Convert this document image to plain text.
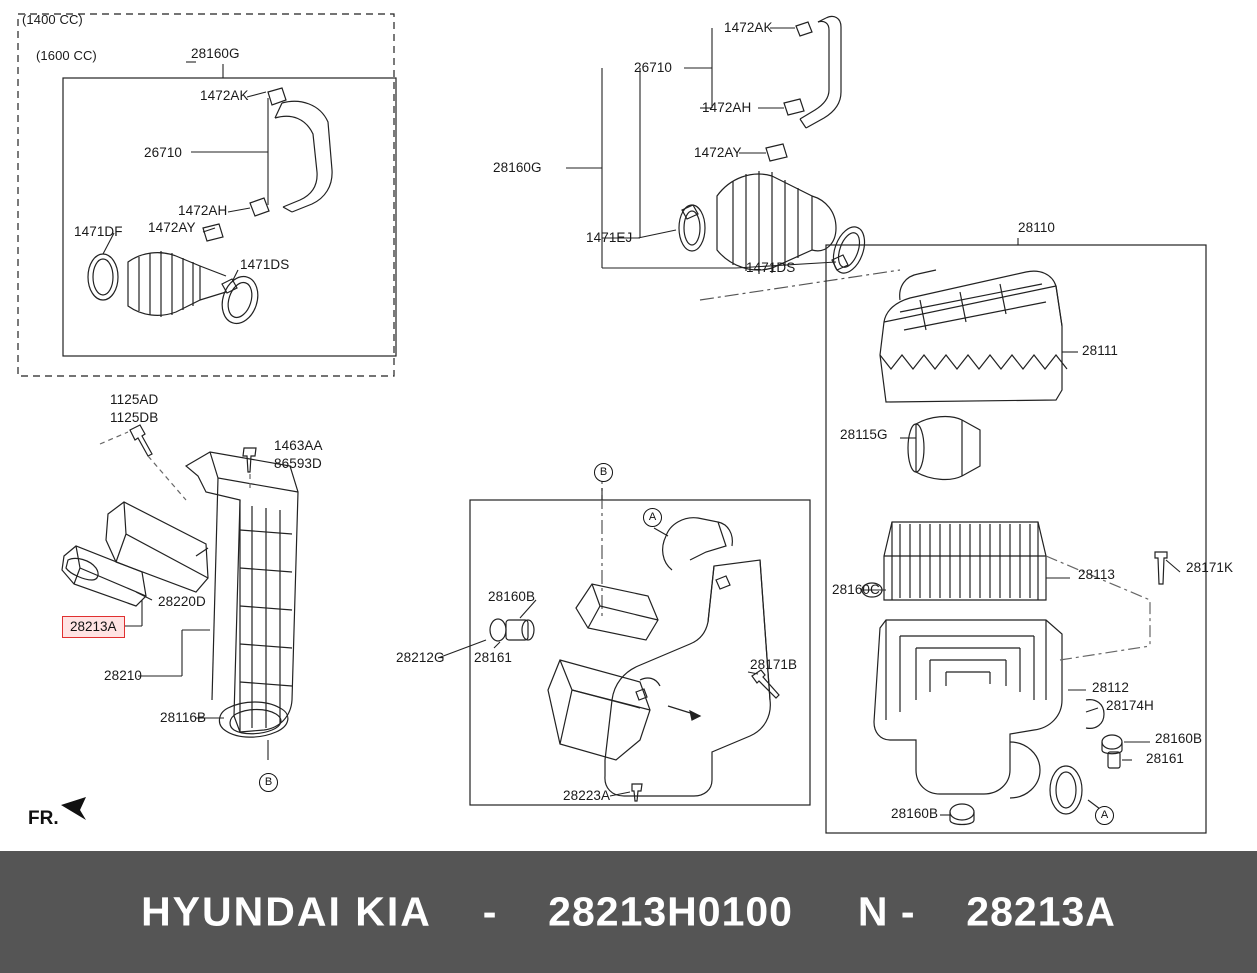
(1400 CC)
(1600 CC)	28160G
1472AK
26710
1472AH
1472AY
1471DF
1471DS
1472AK
26710
1472AH
1472AY
28160G
1471EJ
1471DS
28110
28111
28115G
28113
28160C
28171K
28112
28174H
28160B
28161
28160B
1125AD
1125DB
1463AA
86593D
28220D
28213A
28210
28116B
28160B
28212G 28161	28171B
28223A
B
A
B
A
FR.
HYUNDAI KIA - 28213H0100 N - 28213A
